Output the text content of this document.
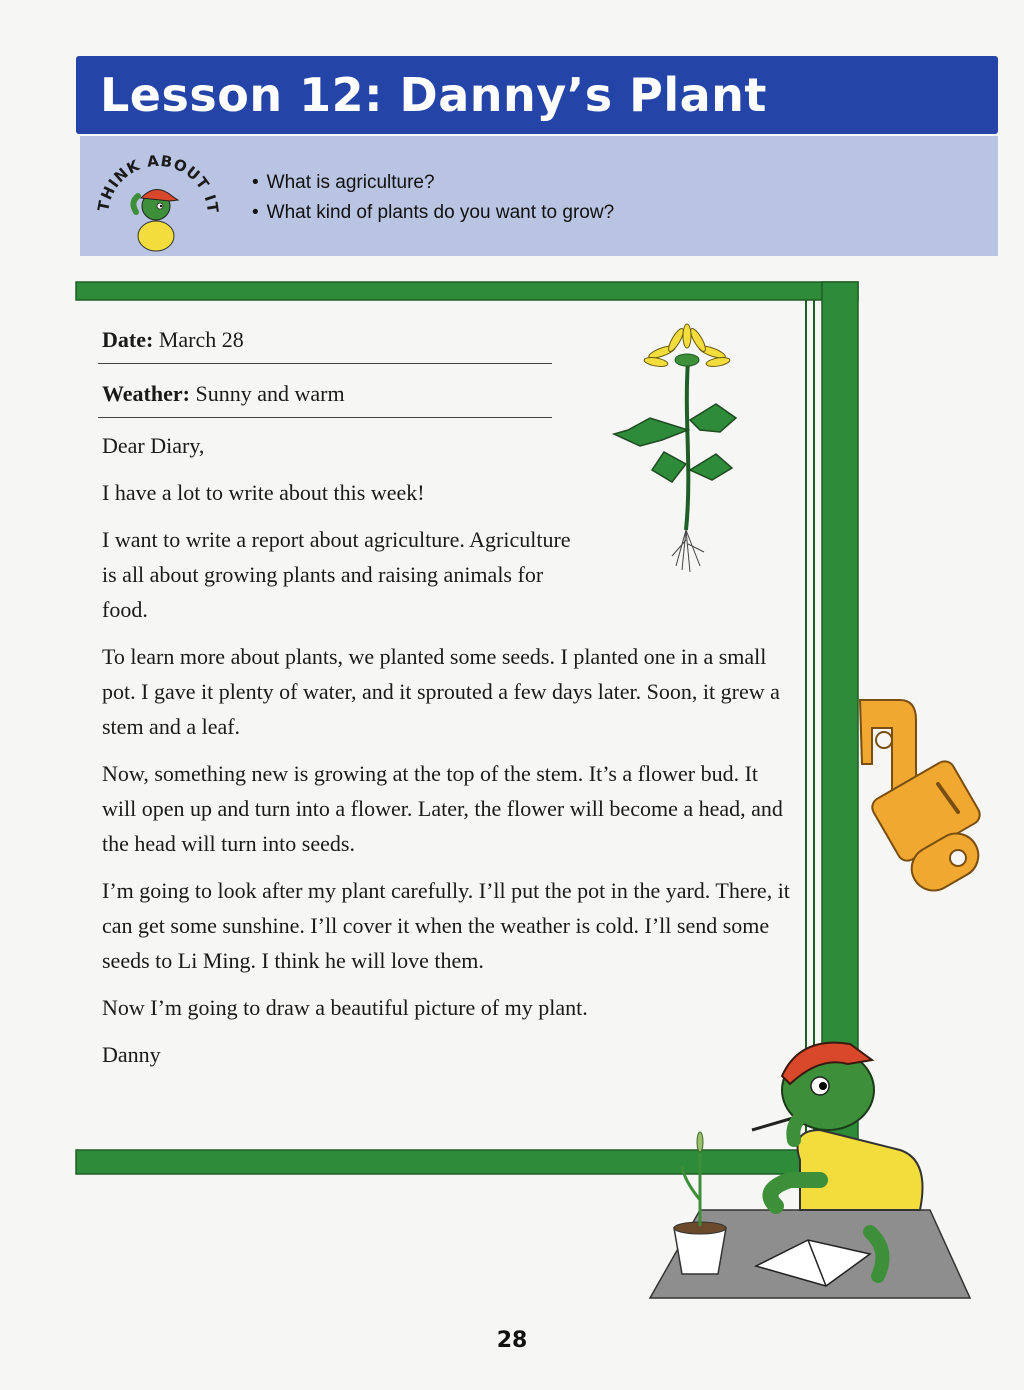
Lesson 12: Danny’s Plant
THINK ABOUT IT
• What is agriculture?
• What kind of plants do you want to grow?
Date: March 28
Weather: Sunny and warm

Dear Diary,

I have a lot to write about this week!

I want to write a report about agriculture. Agriculture is all about growing plants and raising animals for food.

To learn more about plants, we planted some seeds. I planted one in a small pot. I gave it plenty of water, and it sprouted a few days later. Soon, it grew a stem and a leaf.

Now, something new is growing at the top of the stem. It’s a flower bud. It will open up and turn into a flower. Later, the flower will become a head, and the head will turn into seeds.

I’m going to look after my plant carefully. I’ll put the pot in the yard. There, it can get some sunshine. I’ll cover it when the weather is cold. I’ll send some seeds to Li Ming. I think he will love them.

Now I’m going to draw a beautiful picture of my plant.

Danny

28
